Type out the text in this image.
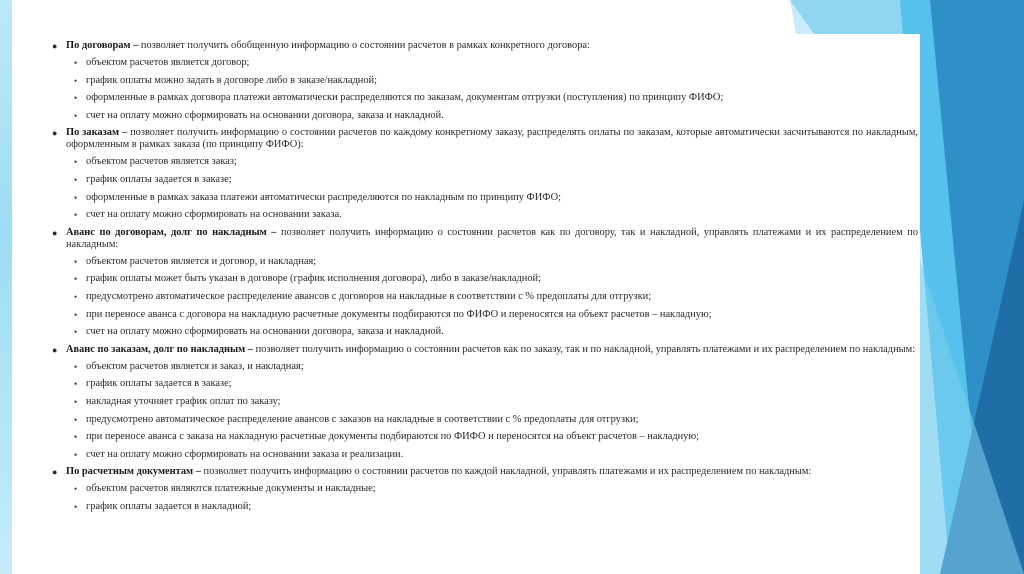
● По договорам – позволяет получить обобщенную информацию о состоянии расчетов в рамках конкретного договора:
• объектом расчетов является договор;
• график оплаты можно задать в договоре либо в заказе/накладной;
• оформленные в рамках договора платежи автоматически распределяются по заказам, документам отгрузки (поступления) по принципу ФИФО;
• счет на оплату можно сформировать на основании договора, заказа и накладной.
● По заказам – позволяет получить информацию о состоянии расчетов по каждому конкретному заказу, распределять оплаты по заказам, которые автоматически засчитываются по накладным, оформленным в рамках заказа (по принципу ФИФО):
• объектом расчетов является заказ;
• график оплаты задается в заказе;
• оформленные в рамках заказа платежи автоматически распределяются по накладным по принципу ФИФО;
• счет на оплату можно сформировать на основании заказа.
● Аванс по договорам, долг по накладным – позволяет получить информацию о состоянии расчетов как по договору, так и накладной, управлять платежами и их распределением по накладным:
• объектом расчетов является и договор, и накладная;
• график оплаты может быть указан в договоре (график исполнения договора), либо в заказе/накладной;
• предусмотрено автоматическое распределение авансов с договоров на накладные в соответствии с % предоплаты для отгрузки;
• при переносе аванса с договора на накладную расчетные документы подбираются по ФИФО и переносятся на объект расчетов – накладную;
• счет на оплату можно сформировать на основании договора, заказа и накладной.
● Аванс по заказам, долг по накладным – позволяет получить информацию о состоянии расчетов как по заказу, так и по накладной, управлять платежами и их распределением по накладным:
• объектом расчетов является и заказ, и накладная;
• график оплаты задается в заказе;
• накладная уточняет график оплат по заказу;
• предусмотрено автоматическое распределение авансов с заказов на накладные в соответствии с % предоплаты для отгрузки;
• при переносе аванса с заказа на накладную расчетные документы подбираются по ФИФО и переносятся на объект расчетов – накладную;
• счет на оплату можно сформировать на основании заказа и реализации.
● По расчетным документам – позволяет получить информацию о состоянии расчетов по каждой накладной, управлять платежами и их распределением по накладным:
• объектом расчетов являются платежные документы и накладные;
• график оплаты задается в накладной;
